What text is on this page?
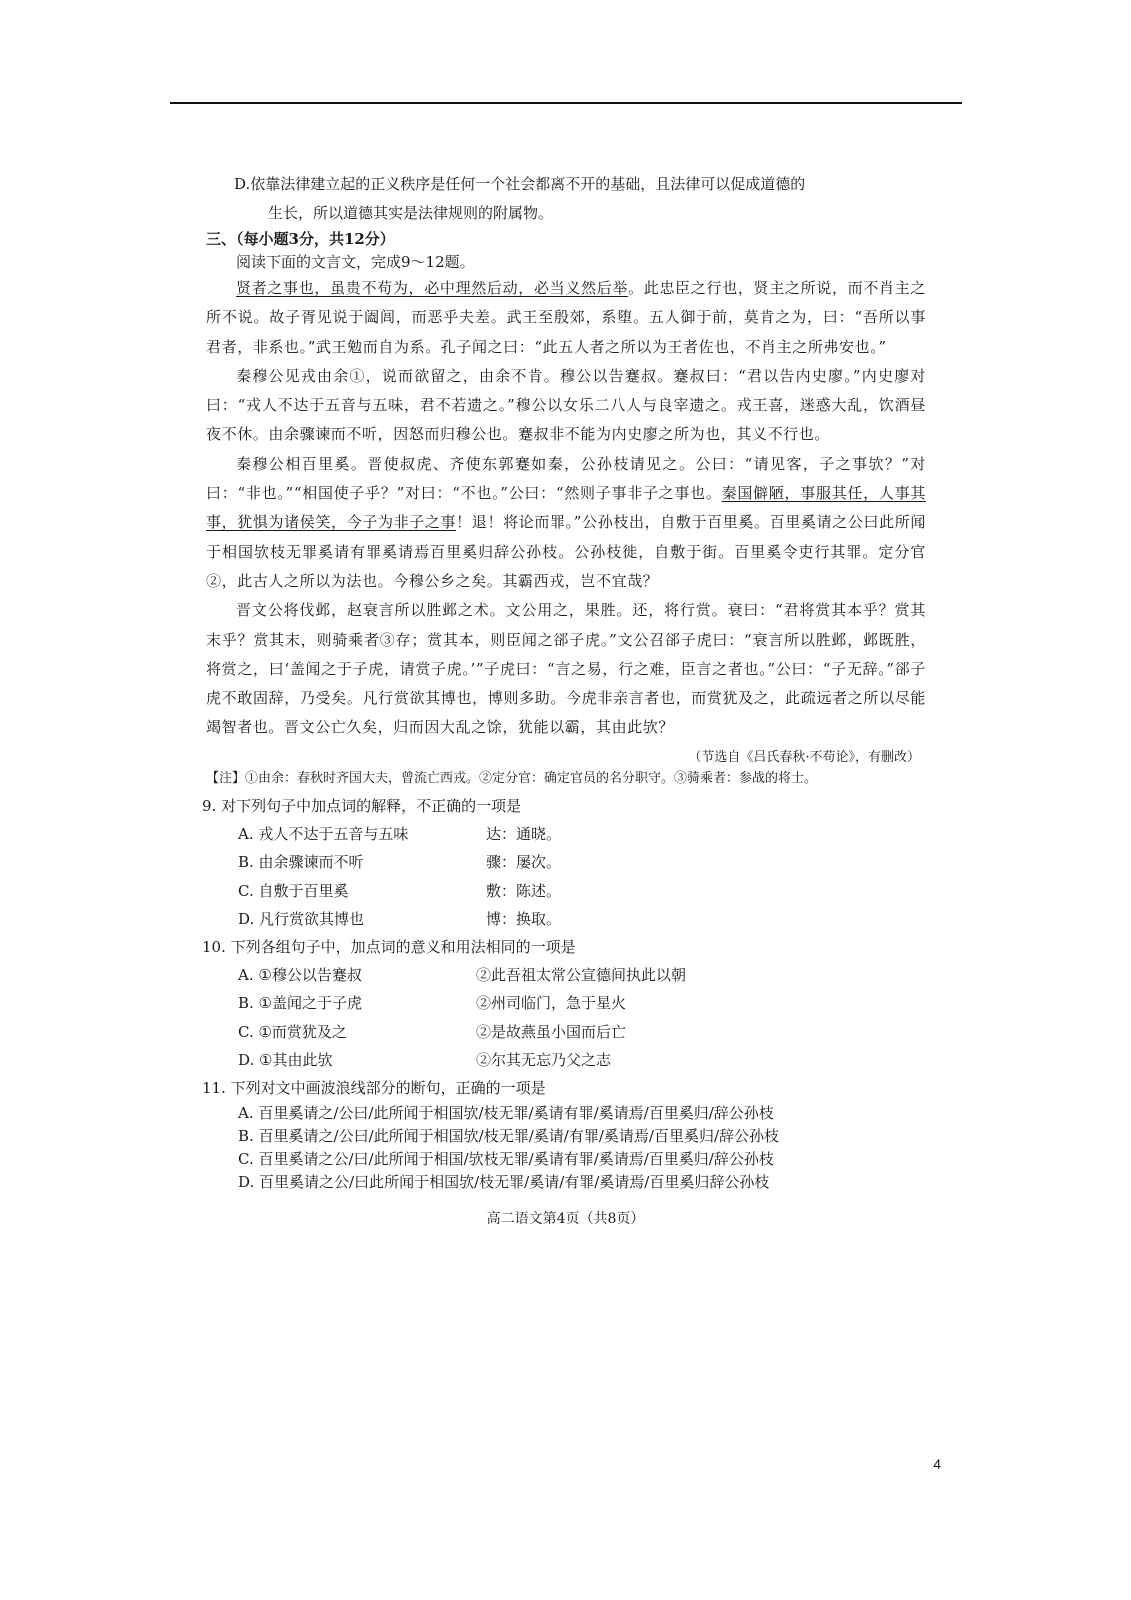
D.依靠法律建立起的正义秩序是任何一个社会都离不开的基础，且法律可以促成道德的
生长，所以道德其实是法律规则的附属物。
三、（每小题3分，共12分）
阅读下面的文言文，完成9～12题。
贤者之事也，虽贵不苟为，必中理然后动，必当义然后举。此忠臣之行也，贤主之所说，而不肖主之所不说。故子胥见说于阖闾，而恶乎夫差。武王至殷郊，系堕。五人御于前，莫肯之为，曰：“吾所以事君者，非系也。”武王勉而自为系。孔子闻之曰：“此五人者之所以为王者佐也，不肖主之所弗安也。”
秦穆公见戎由余①，说而欲留之，由余不肯。穆公以告蹇叔。蹇叔曰：“君以告内史廖。”内史廖对曰：“戎人不达于五音与五味，君不若遗之。”穆公以女乐二八人与良宰遗之。戎王喜，迷惑大乱，饮酒昼夜不休。由余骤谏而不听，因怒而归穆公也。蹇叔非不能为内史廖之所为也，其义不行也。
秦穆公相百里奚。晋使叔虎、齐使东郭蹇如秦，公孙枝请见之。公曰：“请见客，子之事欤？”对曰：“非也。”“相国使子乎？”对曰：“不也。”公曰：“然则子事非子之事也。秦国僻陋，事服其任，人事其事，犹惧为诸侯笑，今子为非子之事！退！将论而罪。”公孙枝出，自敷于百里奚。百里奚请之公曰此所闻于相国欤枝无罪奚请有罪奚请焉百里奚归辞公孙枝。公孙枝徙，自敷于街。百里奚令吏行其罪。定分官②，此古人之所以为法也。今穆公乡之矣。其霸西戎，岂不宜哉？
晋文公将伐邺，赵衰言所以胜邺之术。文公用之，果胜。还，将行赏。衰曰：“君将赏其本乎？赏其末乎？赏其末，则骑乘者③存；赏其本，则臣闻之郤子虎。”文公召郤子虎曰：“衰言所以胜邺，邺既胜，将赏之，曰‘盖闻之于子虎，请赏子虎。’”子虎曰：“言之易，行之难，臣言之者也。”公曰：“子无辞。”郤子虎不敢固辞，乃受矣。凡行赏欲其博也，博则多助。今虎非亲言者也，而赏犹及之，此疏远者之所以尽能竭智者也。晋文公亡久矣，归而因大乱之馀，犹能以霸，其由此欤？
（节选自《吕氏春秋·不苟论》，有删改）
【注】①由余：春秋时齐国大夫，曾流亡西戎。②定分官：确定官员的名分职守。③骑乘者：参战的将士。
9. 对下列句子中加点词的解释，不正确的一项是
A. 戎人不达于五音与五味	达：通晓。
B. 由余骤谏而不听	骤：屡次。
C. 自敷于百里奚	敷：陈述。
D. 凡行赏欲其博也	博：换取。
10. 下列各组句子中，加点词的意义和用法相同的一项是
A. ①穆公以告蹇叔	②此吾祖太常公宣德间执此以朝
B. ①盖闻之于子虎	②州司临门，急于星火
C. ①而赏犹及之	②是故燕虽小国而后亡
D. ①其由此欤	②尔其无忘乃父之志
11. 下列对文中画波浪线部分的断句，正确的一项是
A. 百里奚请之/公曰/此所闻于相国欤/枝无罪/奚请有罪/奚请焉/百里奚归/辞公孙枝
B. 百里奚请之/公曰/此所闻于相国欤/枝无罪/奚请/有罪/奚请焉/百里奚归/辞公孙枝
C. 百里奚请之公/曰/此所闻于相国/欤枝无罪/奚请有罪/奚请焉/百里奚归/辞公孙枝
D. 百里奚请之公/曰此所闻于相国欤/枝无罪/奚请/有罪/奚请焉/百里奚归辞公孙枝
高二语文第4页（共8页）
4
